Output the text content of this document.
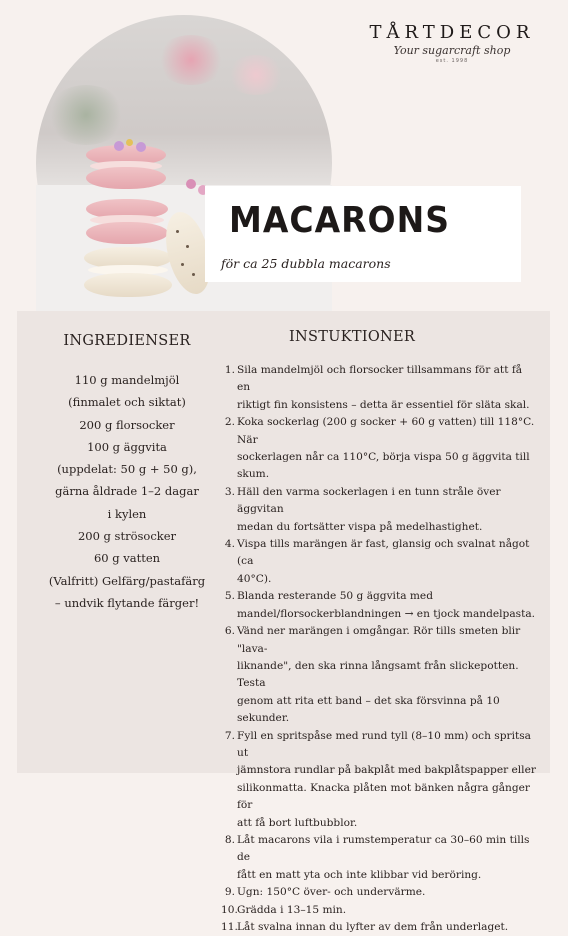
TÅRTDECOR
Your sugarcraft shop
est. 1998
MACARONS
för ca 25 dubbla macarons
INGREDIENSER
110 g mandelmjöl
(finmalet och siktat)
200 g florsocker
100 g äggvita
(uppdelat: 50 g + 50 g),
gärna åldrade 1–2 dagar
i kylen
200 g strösocker
60 g vatten
(Valfritt) Gelfärg/pastafärg
– undvik flytande färger!
INSTUKTIONER
1. Sila mandelmjöl och florsocker tillsammans för att få en
riktigt fin konsistens – detta är essentiel för släta skal.
2. Koka sockerlag (200 g socker + 60 g vatten) till 118°C. När
sockerlagen når ca 110°C, börja vispa 50 g äggvita till skum.
3. Häll den varma sockerlagen i en tunn stråle över äggvitan
medan du fortsätter vispa på medelhastighet.
4. Vispa tills marängen är fast, glansig och svalnat något (ca
40°C).
5. Blanda resterande 50 g äggvita med
mandel/florsockerblandningen → en tjock mandelpasta.
6. Vänd ner marängen i omgångar. Rör tills smeten blir "lava-
liknande", den ska rinna långsamt från slickepotten. Testa
genom att rita ett band – det ska försvinna på 10 sekunder.
7. Fyll en spritspåse med rund tyll (8–10 mm) och spritsa ut
jämnstora rundlar på bakplåt med bakplåtspapper eller
silikonmatta. Knacka plåten mot bänken några gånger för
att få bort luftbubblor.
8. Låt macarons vila i rumstemperatur ca 30–60 min tills de
fått en matt yta och inte klibbar vid beröring.
9. Ugn: 150°C över- och undervärme.
10. Grädda i 13–15 min.
11. Låt svalna innan du lyfter av dem från underlaget.
